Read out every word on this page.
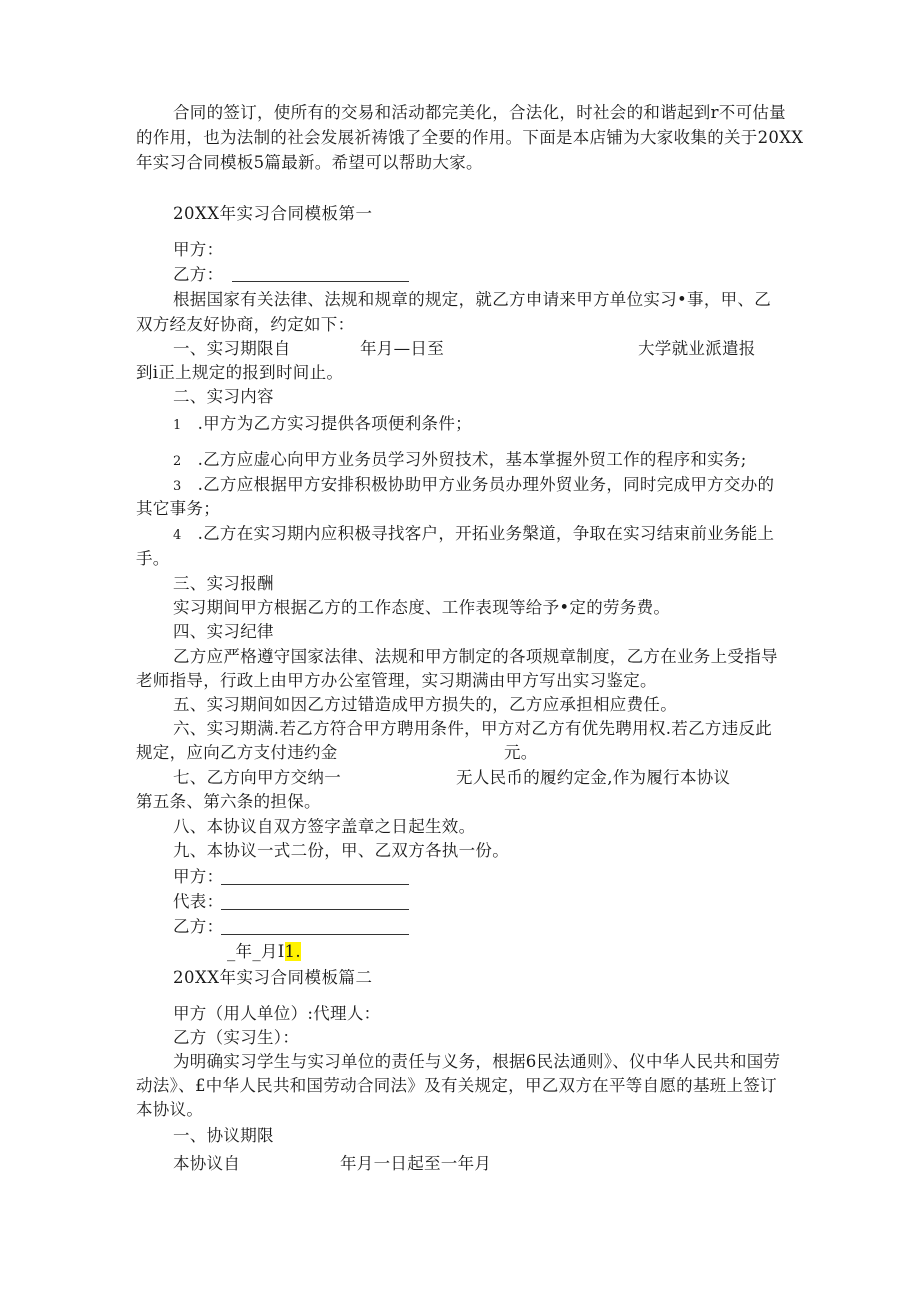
合同的签订，使所有的交易和活动都完美化，合法化，时社会的和谐起到r不可估量
的作用，也为法制的社会发展祈祷饿了全要的作用。下面是本店铺为大家收集的关于20XX
年实习合同模板5篇最新。希望可以帮助大家。
20XX年实习合同模板第一
甲方：
乙方：
根据国家有关法律、法规和规章的规定，就乙方申请来甲方单位实习•事，甲、乙
双方经友好协商，约定如下：
一、实习期限自	年月—日至	大学就业派遣报
到i正上规定的报到时间止。
二、实习内容
1 .甲方为乙方实习提供各项便利条件；
2 .乙方应虚心向甲方业务员学习外贸技术，基本掌握外贸工作的程序和实务;
3 .乙方应根据甲方安排积极协助甲方业务员办理外贸业务，同时完成甲方交办的
其它事务；
4 .乙方在实习期内应积极寻找客户，开拓业务槃道，争取在实习结束前业务能上
手。
三、实习报酬
实习期间甲方根据乙方的工作态度、工作表现等给予•定的劳务费。
四、实习纪律
乙方应严格遵守国家法律、法规和甲方制定的各项规章制度，乙方在业务上受指导
老师指导，行政上由甲方办公室管理，实习期满由甲方写出实习鉴定。
五、实习期间如因乙方过错造成甲方损失的，乙方应承担相应费任。
六、实习期满.若乙方符合甲方聘用条件，甲方对乙方有优先聘用权.若乙方违反此
规定，应向乙方支付违约金	元。
七、乙方向甲方交纳一	无人民币的履约定金,作为履行本协议
第五条、第六条的担保。
八、本协议自双方签字盖章之日起生效。
九、本协议一式二份，甲、乙双方各执一份。
甲方：
代表：
乙方：
_年_月I1.
20XX年实习合同模板篇二
甲方（用人单位）:代理人：
乙方（实习生）：
为明确实习学生与实习单位的责任与义务，根据6民法通则》、仪中华人民共和国劳
动法》、£中华人民共和国劳动合同法》及有关规定，甲乙双方在平等自愿的基班上签订
本协议。
一、协议期限
本协议自	年月一日起至一年月
